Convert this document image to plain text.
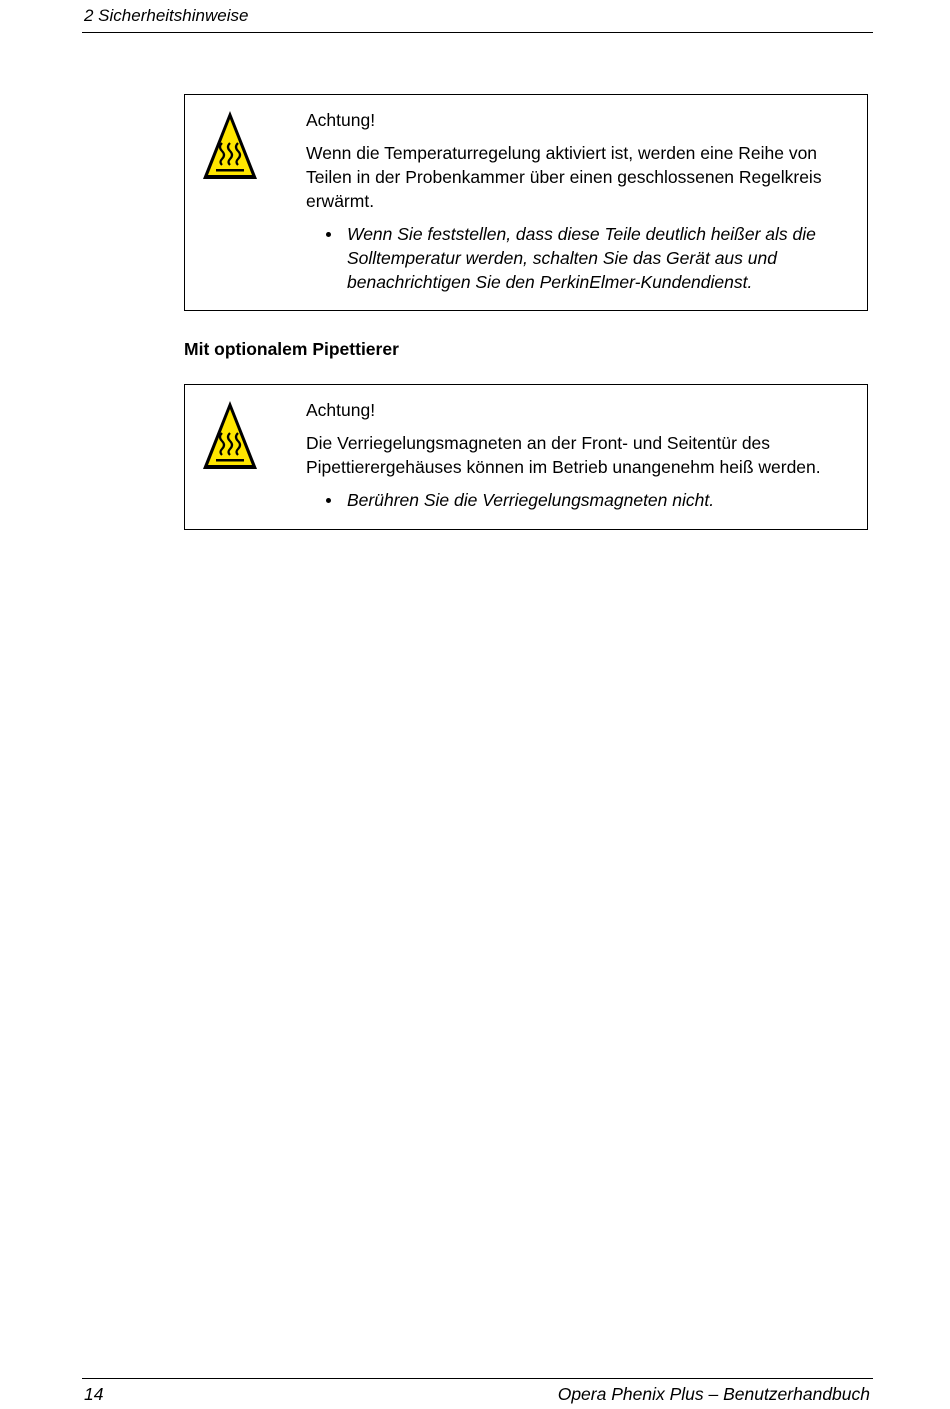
2 Sicherheitshinweise
Achtung!
Wenn die Temperaturregelung aktiviert ist, werden eine Reihe von Teilen in der Probenkammer über einen geschlossenen Regelkreis erwärmt.
Wenn Sie feststellen, dass diese Teile deutlich heißer als die Solltemperatur werden, schalten Sie das Gerät aus und benachrichtigen Sie den PerkinElmer-Kundendienst.
Mit optionalem Pipettierer
Achtung!
Die Verriegelungsmagneten an der Front- und Seitentür des Pipettierergehäuses können im Betrieb unangenehm heiß werden.
Berühren Sie die Verriegelungsmagneten nicht.
14	Opera Phenix Plus – Benutzerhandbuch
